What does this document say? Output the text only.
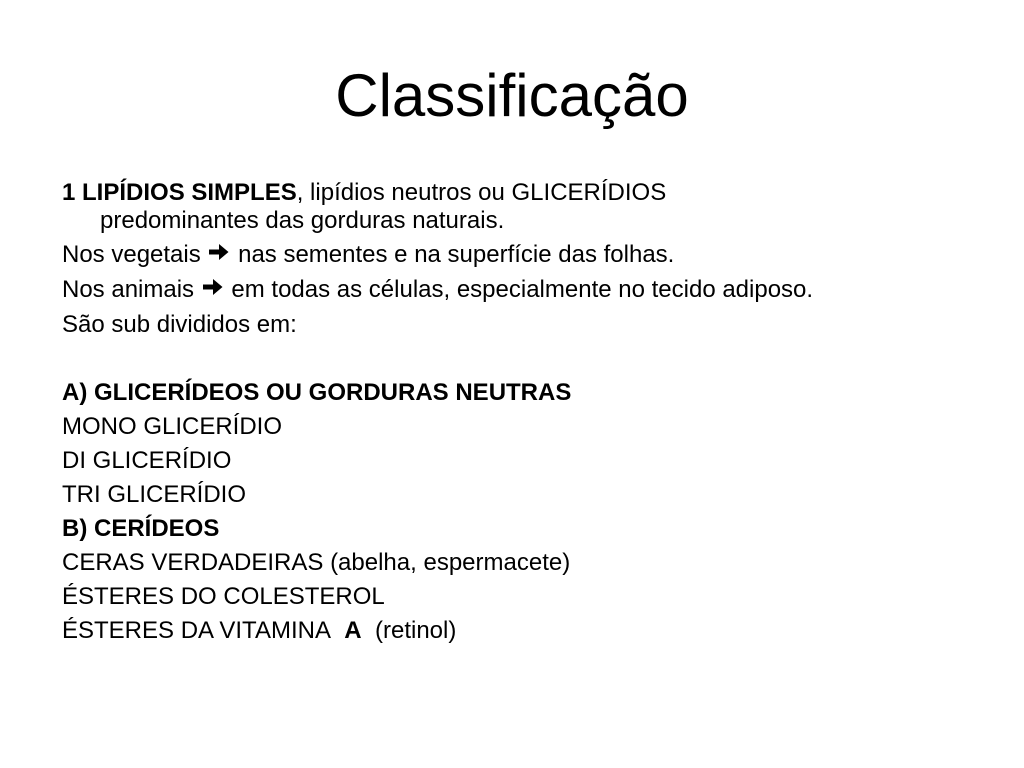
Classificação
1 LIPÍDIOS SIMPLES, lipídios neutros ou GLICERÍDIOS
predominantes das gorduras naturais.
Nos vegetais nas sementes e na superfície das folhas.
Nos animais em todas as células, especialmente no tecido adiposo.
São sub divididos em:
A) GLICERÍDEOS OU GORDURAS NEUTRAS
MONO GLICERÍDIO
DI GLICERÍDIO
TRI GLICERÍDIO
B) CERÍDEOS
CERAS VERDADEIRAS (abelha, espermacete)
ÉSTERES DO COLESTEROL
ÉSTERES DA VITAMINA A (retinol)
